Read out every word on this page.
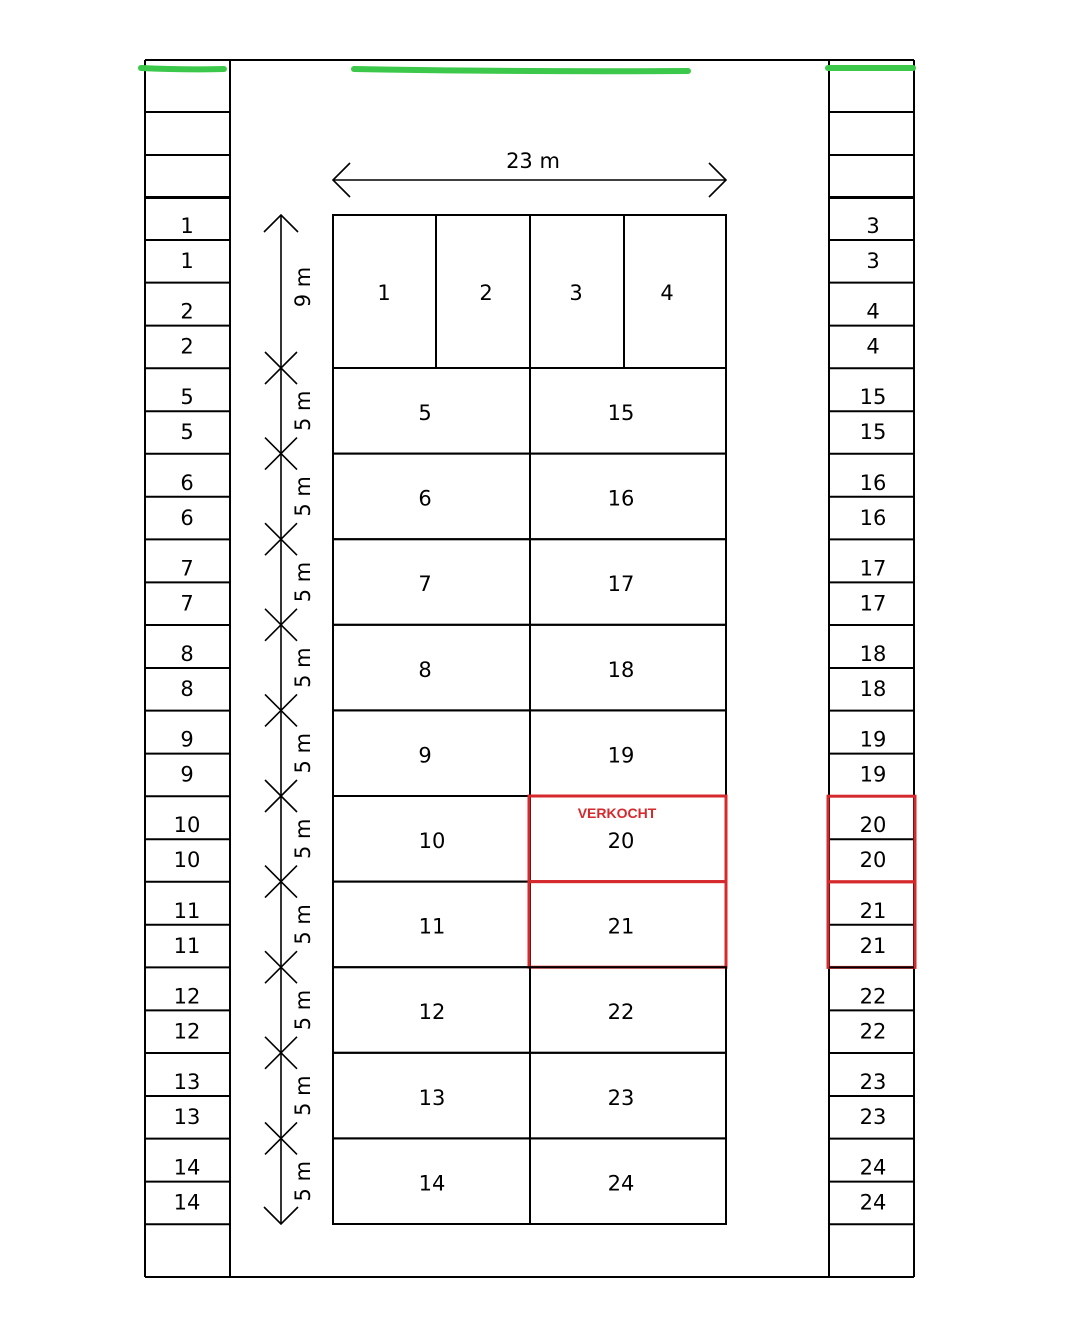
23 m
9 m
5 m
5 m
5 m
5 m
5 m
5 m
5 m
5 m
5 m
5 m
1	2	3	4
5	15
6	16
7	17
8	18
9	19
10	20
11	21
12	22
13	23
14	24
VERKOCHT
1
1
2
2
5
5
6
6
7
7
8
8
9
9
10
10
11
11
12
12
13
13
14
14
3
3
4
4
15
15
16
16
17
17
18
18
19
19
20
20
21
21
22
22
23
23
24
24
